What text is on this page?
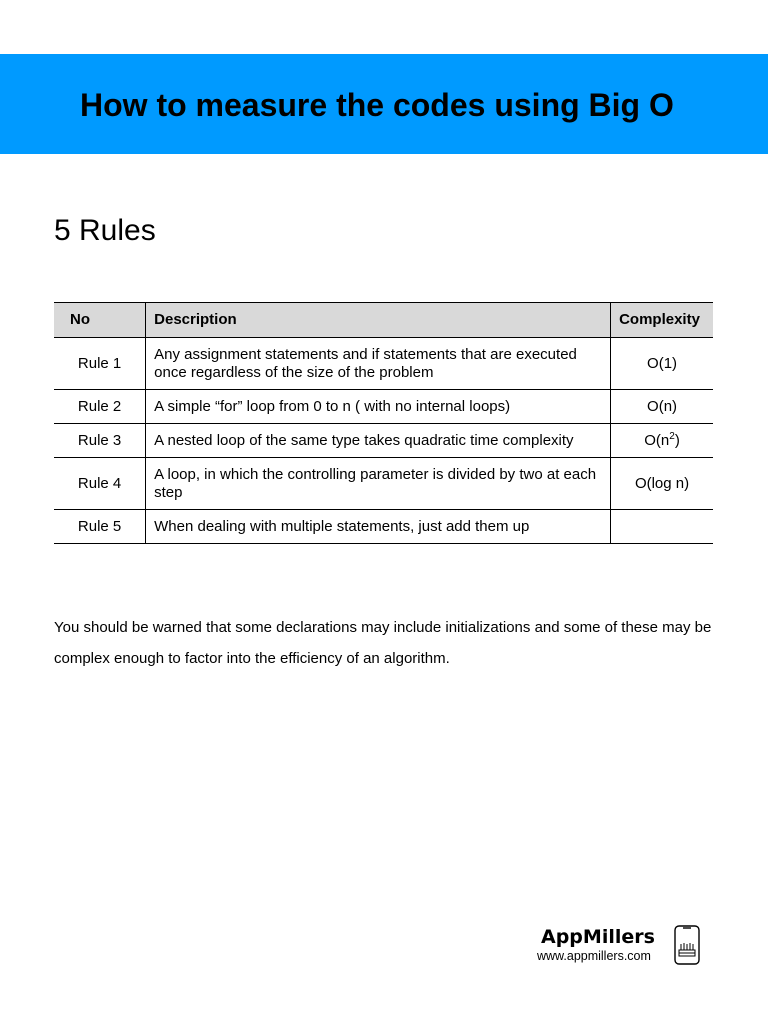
How to measure the codes using Big O
5 Rules
No	Description	Complexity
Rule 1	Any assignment statements and if statements that are executed once regardless of the size of the problem	O(1)
Rule 2	A simple “for” loop from 0 to n ( with no internal loops)	O(n)
Rule 3	A nested loop of the same type takes quadratic time complexity	$O(n^2)$
Rule 4	A loop, in which the controlling parameter is divided by two at each step	O(log n)
Rule 5	When dealing with multiple statements, just add them up	

You should be warned that some declarations may include initializations and some of these may be complex enough to factor into the efficiency of an algorithm.

AppMillers
www.appmillers.com
